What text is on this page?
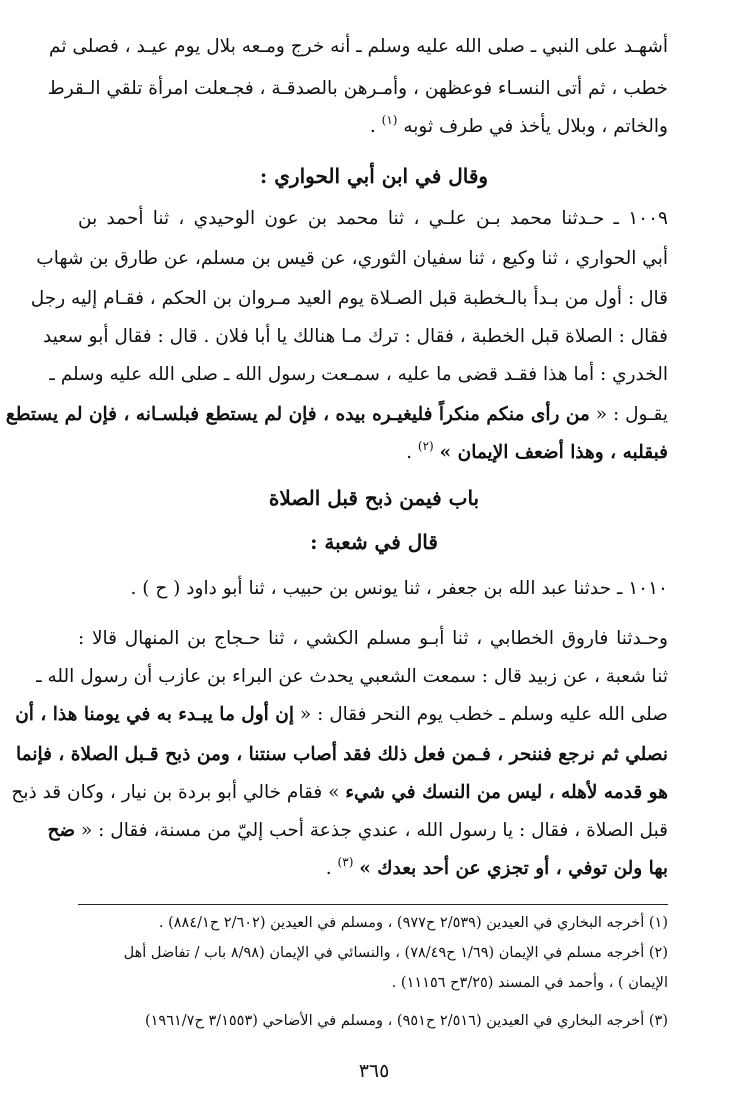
أشهـد على النبي ـ صلى الله عليه وسلم ـ أنه خرج ومـعه بلال يوم عيـد ، فصلى ثم
خطب ، ثم أتى النسـاء فوعظهن ، وأمـرهن بالصدقـة ، فجـعلت امرأة تلقي الـقرط
والخاتم ، وبلال يأخذ في طرف ثوبه $^{(١)}$ .
وقال في ابن أبي الحواري :
١٠٠٩ ـ حـدثنا محمد بـن علـي ، ثنا محمد بن عون الوحيدي ، ثنا أحمد بن
أبي الحواري ، ثنا وكيع ، ثنا سفيان الثوري، عن قيس بن مسلم، عن طارق بن شهاب
قال : أول من بـدأ بالـخطبة قبل الصـلاة يوم العيد مـروان بن الحكم ، فقـام إليه رجل
فقال : الصلاة قبل الخطبة ، فقال : ترك مـا هنالك يا أبا فلان . قال : فقال أبو سعيد
الخدري : أما هذا فقـد قضى ما عليه ، سمـعت رسول الله ـ صلى الله عليه وسلم ـ
يقـول : « من رأى منكم منكراً فليغيـره بيده ، فإن لم يستطع فبلسـانه ، فإن لم يستطع
فبقلبه ، وهذا أضعف الإيمان » $^{(٢)}$ .
باب فيمن ذبح قبل الصلاة
قال في شعبة :
١٠١٠ ـ حدثنا عبد الله بن جعفر ، ثنا يونس بن حبيب ، ثنا أبو داود ( ح ) .
وحـدثنا فاروق الخطابي ، ثنا أبـو مسلم الكشي ، ثنا حـجاج بن المنهال قالا :
ثنا شعبة ، عن زبيد قال : سمعت الشعبي يحدث عن البراء بن عازب أن رسول الله ـ
صلى الله عليه وسلم ـ خطب يوم النحر فقال : « إن أول ما يبـدء به في يومنا هذا ، أن
نصلي ثم نرجع فننحر ، فـمن فعل ذلك فقد أصاب سنتنا ، ومن ذبح قـبل الصلاة ، فإنما
هو قدمه لأهله ، ليس من النسك في شيء » فقام خالي أبو بردة بن نيار ، وكان قد ذبح
قبل الصلاة ، فقال : يا رسول الله ، عندي جذعة أحب إليّ من مسنة، فقال : « ضح
بها ولن توفي ، أو تجزي عن أحد بعدك » $^{(٣)}$ .
(١) أخرجه البخاري في العيدين (٢/٥٣٩ ح٩٧٧) ، ومسلم في العيدين (٢/٦٠٢ ح٨٨٤/١) .
(٢) أخرجه مسلم في الإيمان (١/٦٩ ح٧٨/٤٩) ، والنسائي في الإيمان (٨/٩٨ باب / تفاضل أهل
الإيمان ) ، وأحمد في المسند (٣/٢٥ح ١١١٥٦) .
(٣) أخرجه البخاري في العيدين (٢/٥١٦ ح٩٥١) ، ومسلم في الأضاحي (٣/١٥٥٣ ح١٩٦١/٧)
٣٦٥
